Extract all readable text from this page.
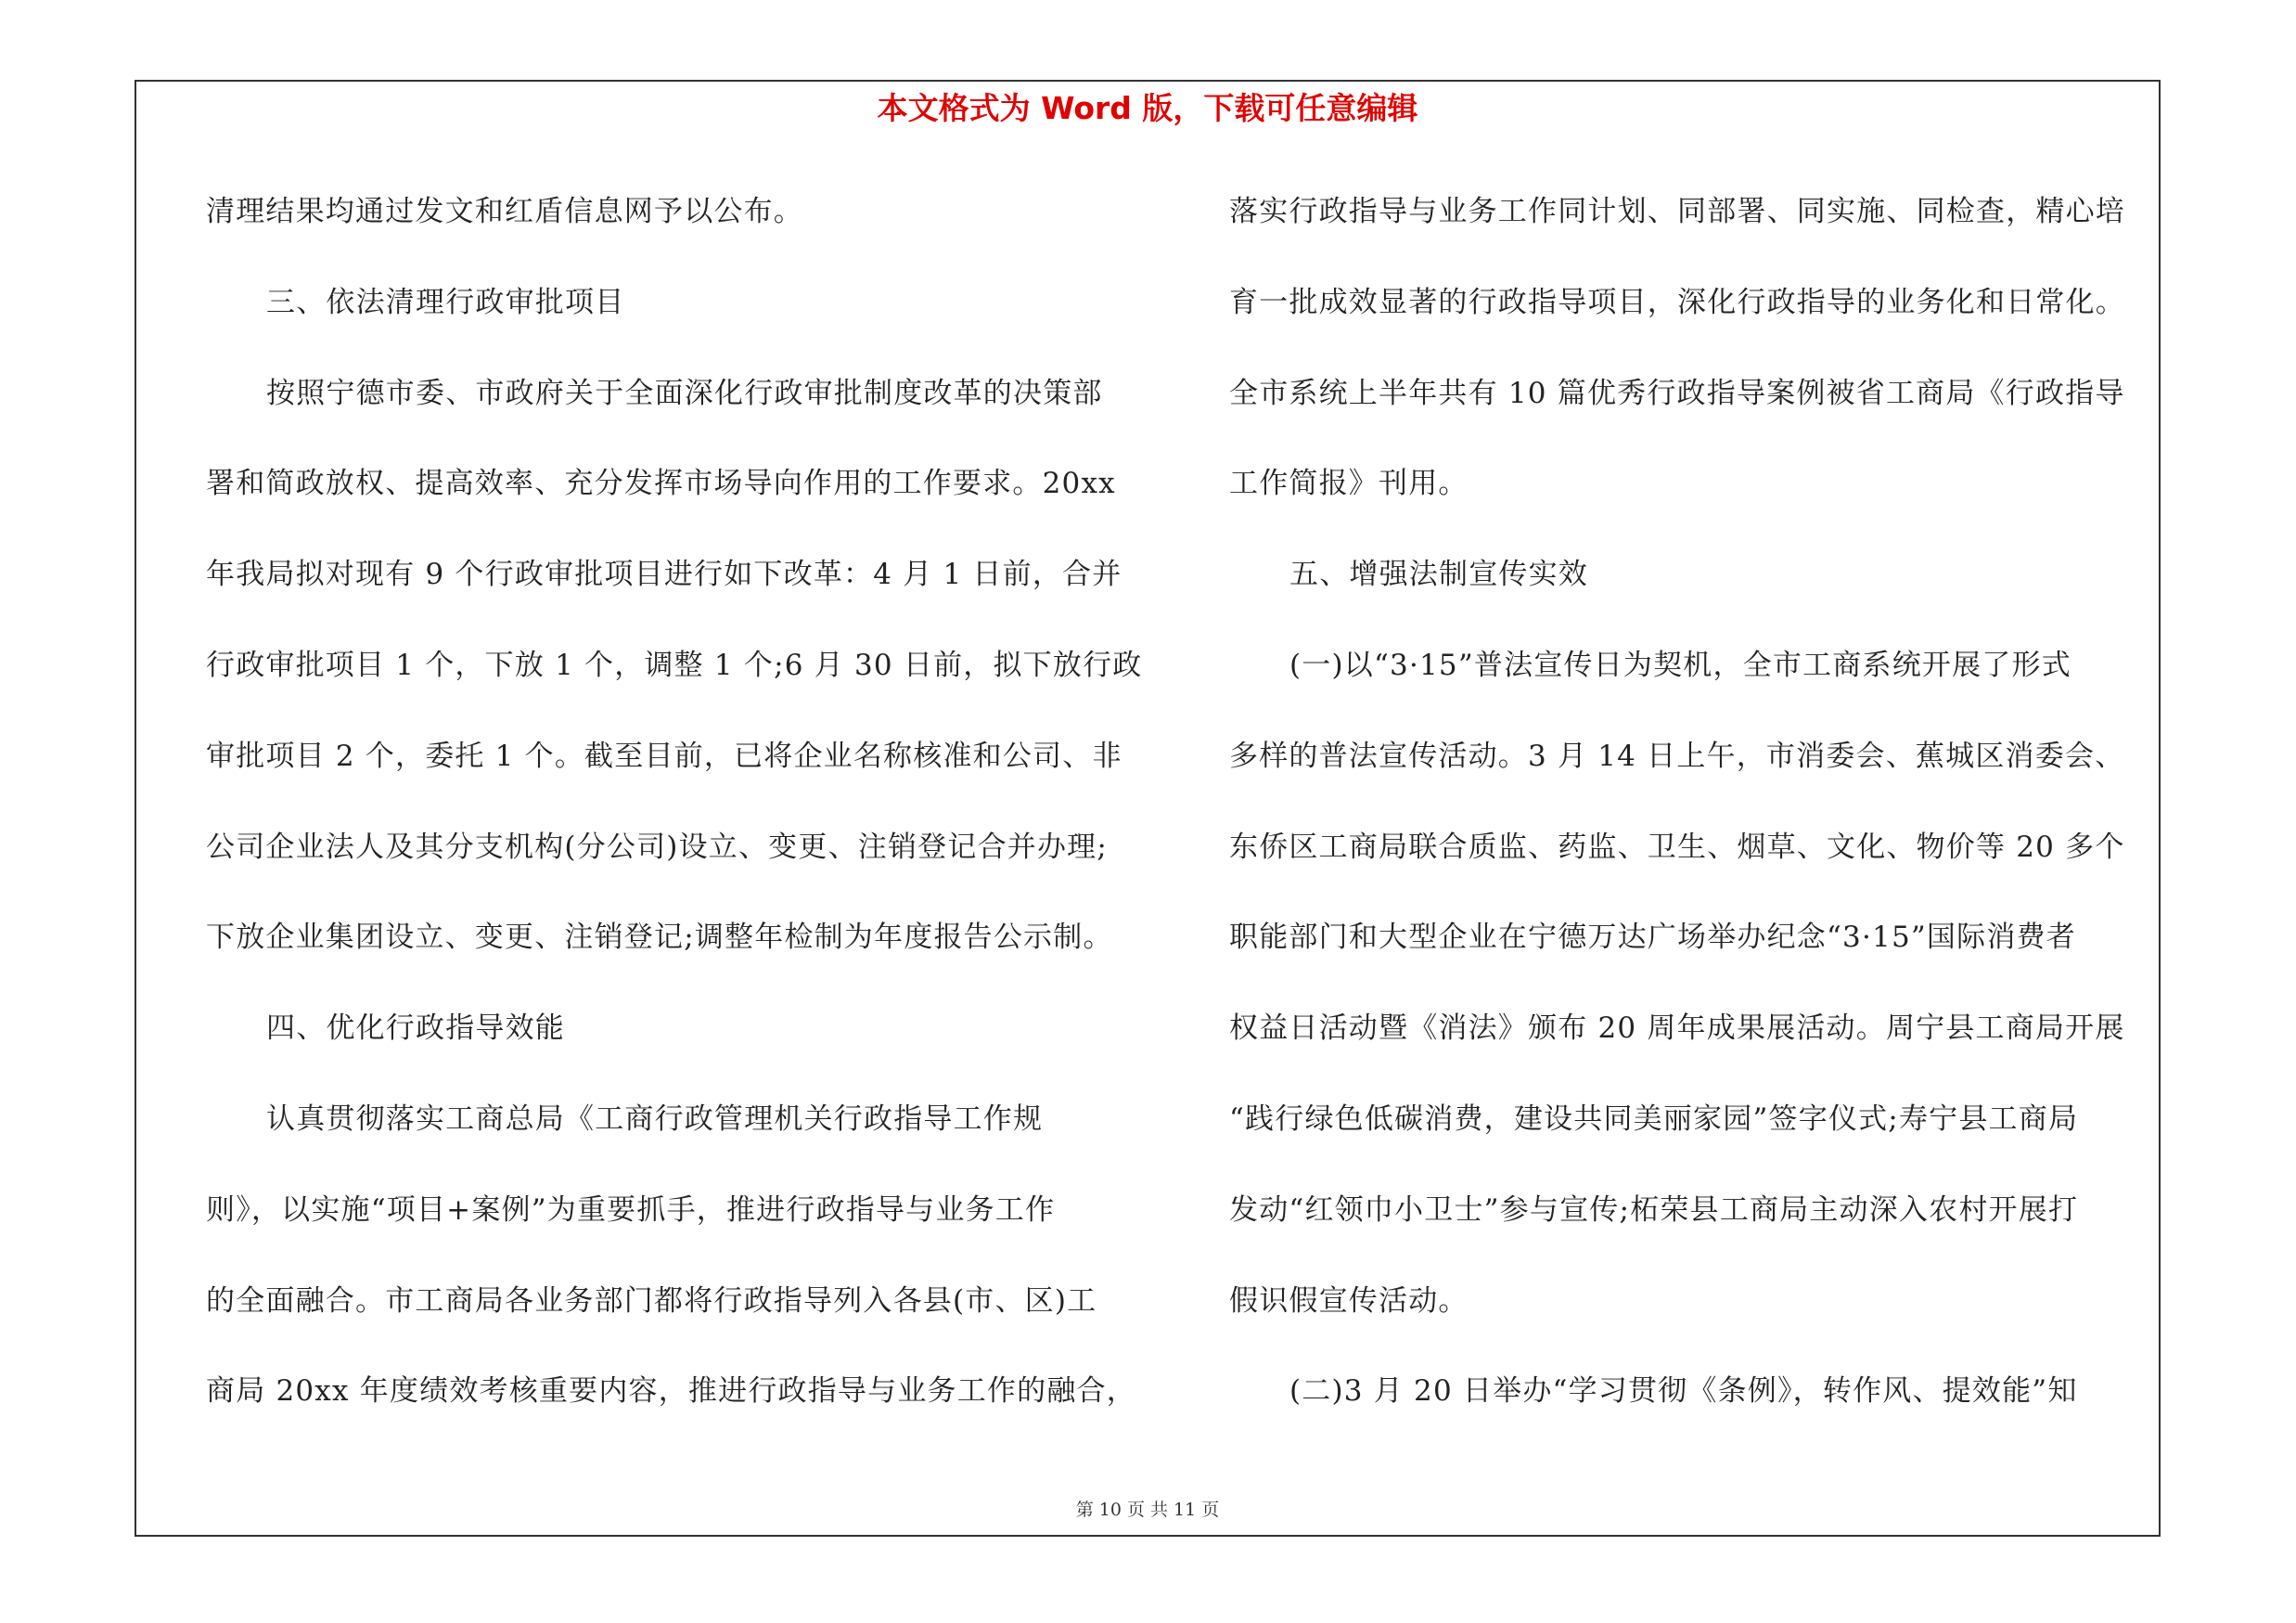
本文格式为 Word 版，下载可任意编辑
清理结果均通过发文和红盾信息网予以公布。
三、依法清理行政审批项目
按照宁德市委、市政府关于全面深化行政审批制度改革的决策部
署和简政放权、提高效率、充分发挥市场导向作用的工作要求。20xx
年我局拟对现有 9 个行政审批项目进行如下改革：4 月 1 日前，合并
行政审批项目 1 个，下放 1 个，调整 1 个;6 月 30 日前，拟下放行政
审批项目 2 个，委托 1 个。截至目前，已将企业名称核准和公司、非
公司企业法人及其分支机构(分公司)设立、变更、注销登记合并办理;
下放企业集团设立、变更、注销登记;调整年检制为年度报告公示制。
四、优化行政指导效能
认真贯彻落实工商总局《工商行政管理机关行政指导工作规
则》，以实施“项目+案例”为重要抓手，推进行政指导与业务工作
的全面融合。市工商局各业务部门都将行政指导列入各县(市、区)工
商局 20xx 年度绩效考核重要内容，推进行政指导与业务工作的融合，
落实行政指导与业务工作同计划、同部署、同实施、同检查，精心培
育一批成效显著的行政指导项目，深化行政指导的业务化和日常化。
全市系统上半年共有 10 篇优秀行政指导案例被省工商局《行政指导
工作简报》刊用。
五、增强法制宣传实效
(一)以“3·15”普法宣传日为契机，全市工商系统开展了形式
多样的普法宣传活动。3 月 14 日上午，市消委会、蕉城区消委会、
东侨区工商局联合质监、药监、卫生、烟草、文化、物价等 20 多个
职能部门和大型企业在宁德万达广场举办纪念“3·15”国际消费者
权益日活动暨《消法》颁布 20 周年成果展活动。周宁县工商局开展
“践行绿色低碳消费，建设共同美丽家园”签字仪式;寿宁县工商局
发动“红领巾小卫士”参与宣传;柘荣县工商局主动深入农村开展打
假识假宣传活动。
(二)3 月 20 日举办“学习贯彻《条例》，转作风、提效能”知
第 10 页 共 11 页
